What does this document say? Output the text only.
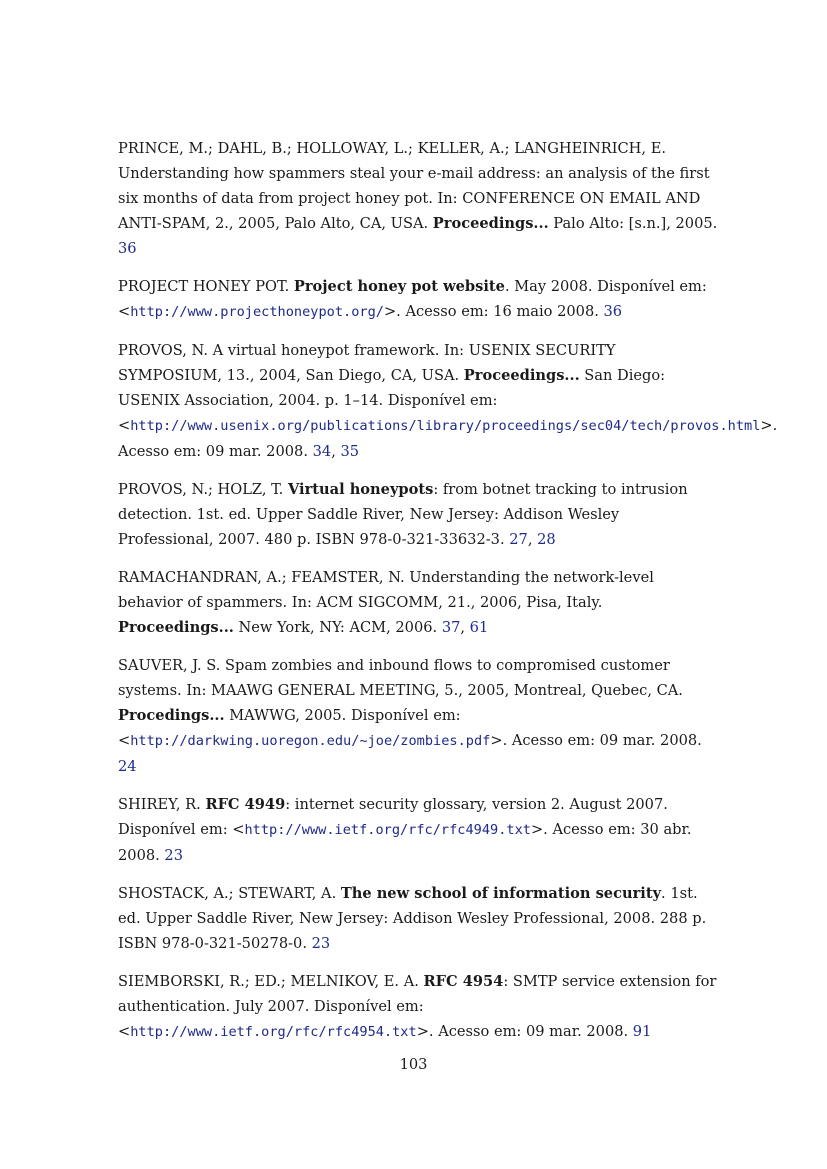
PRINCE, M.; DAHL, B.; HOLLOWAY, L.; KELLER, A.; LANGHEINRICH, E. Understanding how spammers steal your e-mail address: an analysis of the first six months of data from project honey pot. In: CONFERENCE ON EMAIL AND ANTI-SPAM, 2., 2005, Palo Alto, CA, USA. Proceedings... Palo Alto: [s.n.], 2005. 36

PROJECT HONEY POT. Project honey pot website. May 2008. Disponível em: <http://www.projecthoneypot.org/>. Acesso em: 16 maio 2008. 36

PROVOS, N. A virtual honeypot framework. In: USENIX SECURITY SYMPOSIUM, 13., 2004, San Diego, CA, USA. Proceedings... San Diego: USENIX Association, 2004. p. 1–14. Disponível em: <http://www.usenix.org/publications/library/proceedings/sec04/tech/provos.html>. Acesso em: 09 mar. 2008. 34, 35

PROVOS, N.; HOLZ, T. Virtual honeypots: from botnet tracking to intrusion detection. 1st. ed. Upper Saddle River, New Jersey: Addison Wesley Professional, 2007. 480 p. ISBN 978-0-321-33632-3. 27, 28

RAMACHANDRAN, A.; FEAMSTER, N. Understanding the network-level behavior of spammers. In: ACM SIGCOMM, 21., 2006, Pisa, Italy. Proceedings... New York, NY: ACM, 2006. 37, 61

SAUVER, J. S. Spam zombies and inbound flows to compromised customer systems. In: MAAWG GENERAL MEETING, 5., 2005, Montreal, Quebec, CA. Procedings... MAWWG, 2005. Disponível em: <http://darkwing.uoregon.edu/~joe/zombies.pdf>. Acesso em: 09 mar. 2008. 24

SHIREY, R. RFC 4949: internet security glossary, version 2. August 2007. Disponível em: <http://www.ietf.org/rfc/rfc4949.txt>. Acesso em: 30 abr. 2008. 23

SHOSTACK, A.; STEWART, A. The new school of information security. 1st. ed. Upper Saddle River, New Jersey: Addison Wesley Professional, 2008. 288 p. ISBN 978-0-321-50278-0. 23

SIEMBORSKI, R.; ED.; MELNIKOV, E. A. RFC 4954: SMTP service extension for authentication. July 2007. Disponível em: <http://www.ietf.org/rfc/rfc4954.txt>. Acesso em: 09 mar. 2008. 91

103
